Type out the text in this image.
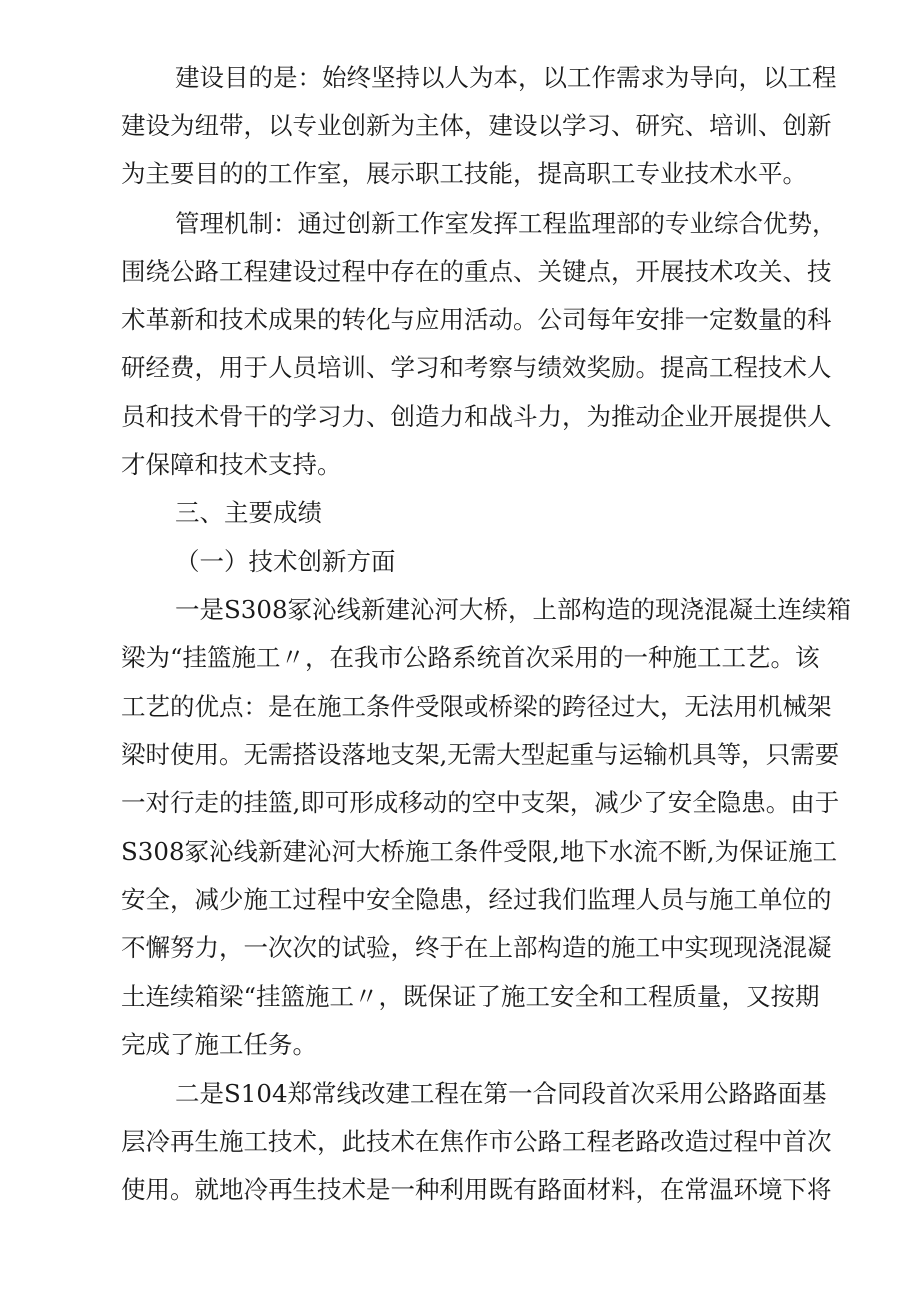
建设目的是：始终坚持以人为本，以工作需求为导向，以工程
建设为纽带，以专业创新为主体，建设以学习、研究、培训、创新
为主要目的的工作室，展示职工技能，提高职工专业技术水平。
管理机制：通过创新工作室发挥工程监理部的专业综合优势，
围绕公路工程建设过程中存在的重点、关键点，开展技术攻关、技
术革新和技术成果的转化与应用活动。公司每年安排一定数量的科
研经费，用于人员培训、学习和考察与绩效奖励。提高工程技术人
员和技术骨干的学习力、创造力和战斗力，为推动企业开展提供人
才保障和技术支持。
三、主要成绩
（一）技术创新方面
一是S308冢沁线新建沁河大桥，上部构造的现浇混凝土连续箱
梁为“挂篮施工〃，在我市公路系统首次采用的一种施工工艺。该
工艺的优点：是在施工条件受限或桥梁的跨径过大，无法用机械架
梁时使用。无需搭设落地支架,无需大型起重与运输机具等，只需要
一对行走的挂篮,即可形成移动的空中支架，减少了安全隐患。由于
S308冢沁线新建沁河大桥施工条件受限,地下水流不断,为保证施工
安全，减少施工过程中安全隐患，经过我们监理人员与施工单位的
不懈努力，一次次的试验，终于在上部构造的施工中实现现浇混凝
土连续箱梁“挂篮施工〃，既保证了施工安全和工程质量，又按期
完成了施工任务。
二是S104郑常线改建工程在第一合同段首次采用公路路面基
层冷再生施工技术，此技术在焦作市公路工程老路改造过程中首次
使用。就地冷再生技术是一种利用既有路面材料，在常温环境下将
